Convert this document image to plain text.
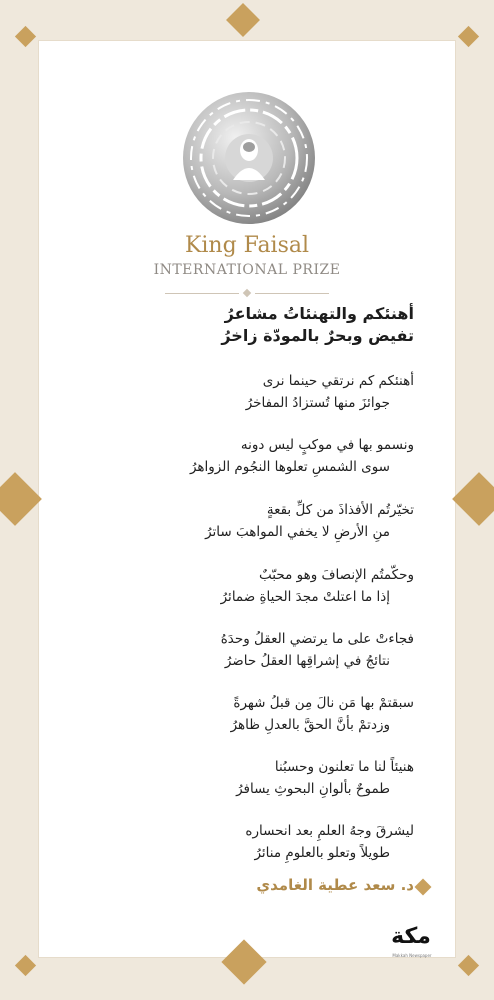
King Faisal
INTERNATIONAL PRIZE
أهنئكم والتهنئاتُ مشاعرُ
تفيض وبحرٌ بالمودّة زاخرُ
أهنئكم كم نرتقي حينما نرى
جوائزَ منها تُستزادُ المفاخرُ
ونسمو بها في موكبٍ ليس دونه
سوى الشمسِ تعلوها النجُوم الزواهرُ
تخيّرتُم الأفذاذَ من كلِّ بقعةٍ
منِ الأرضِ لا يخفي المواهبَ ساترُ
وحكّمتُم الإنصافَ وهو محبّبٌ
إذا ما اعتلتْ مجدَ الحياةِ ضمائرُ
فجاءتْ على ما يرتضي العقلُ وحدَهُ
نتائجُ في إشراقِها العقلُ حاضرُ
سبقتمْ بها مَن نالَ مِن قبلُ شهرةً
وزدتمْ بأنَّ الحقَّ بالعدلِ ظاهرُ
هنيئاً لنا ما تعلنون وحسبُنا
طموحٌ بألوانِ البحوثِ يسافرُ
ليشرقَ وجهُ العلمِ بعد انحساره
طويلاً وتعلو بالعلومِ منائرُ
د. سعد عطية الغامدي
مكة
Makkah Newspaper
